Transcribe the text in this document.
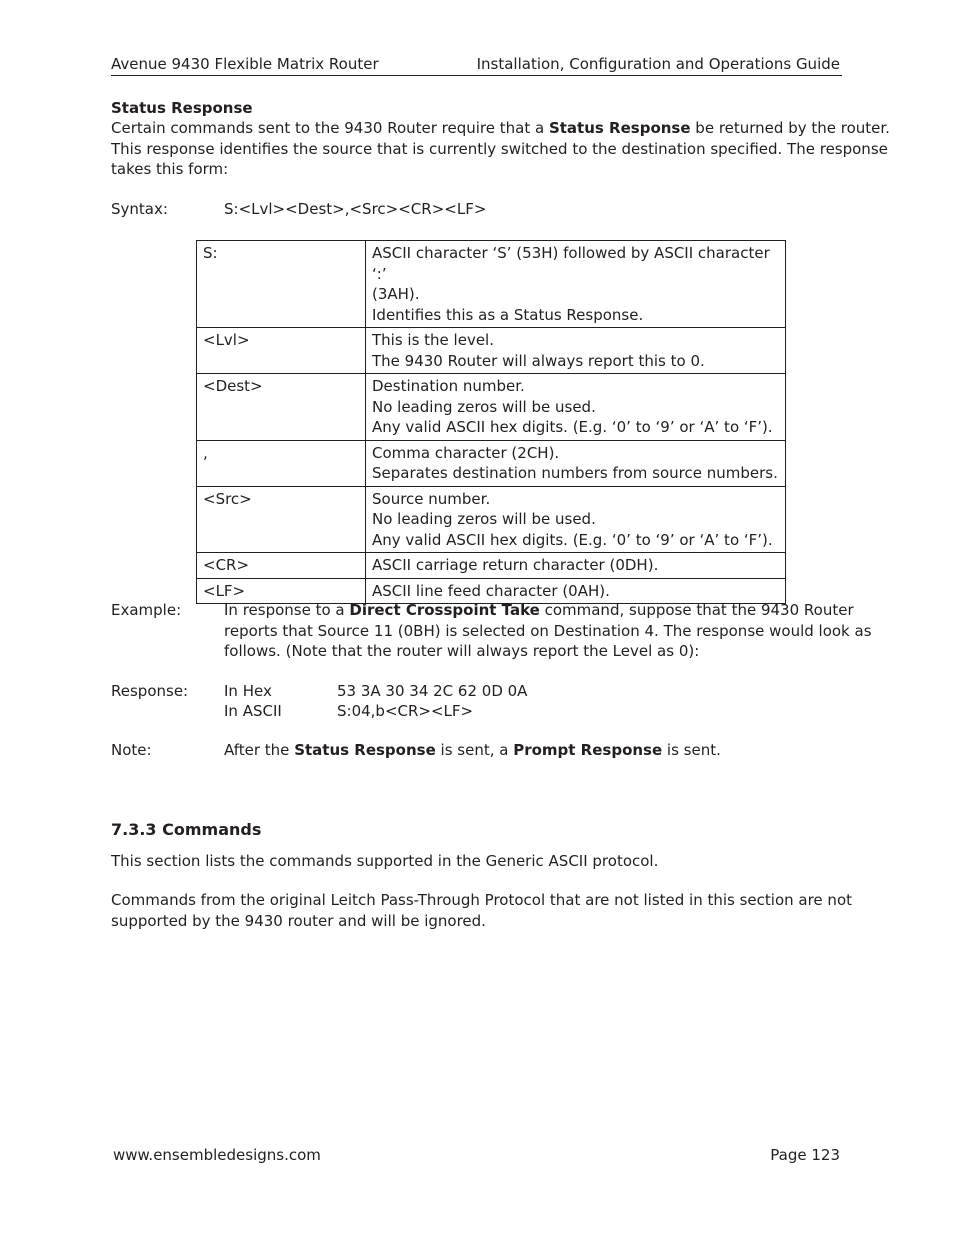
Avenue 9430 Flexible Matrix Router	Installation, Configuration and Operations Guide
Status Response
Certain commands sent to the 9430 Router require that a Status Response be returned by the router.
This response identifies the source that is currently switched to the destination specified. The response
takes this form:
Syntax:	S:<Lvl><Dest>,<Src><CR><LF>
S:	ASCII character ‘S’ (53H) followed by ASCII character ‘:’
(3AH).
Identifies this as a Status Response.

<Lvl>	This is the level.
The 9430 Router will always report this to 0.

<Dest>	Destination number.
No leading zeros will be used.
Any valid ASCII hex digits. (E.g. ‘0’ to ‘9’ or ‘A’ to ‘F’).

,	Comma character (2CH).
Separates destination numbers from source numbers.

<Src>	Source number.
No leading zeros will be used.
Any valid ASCII hex digits. (E.g. ‘0’ to ‘9’ or ‘A’ to ‘F’).

<CR>	ASCII carriage return character (0DH).

<LF>	ASCII line feed character (0AH).
Example:	In response to a Direct Crosspoint Take command, suppose that the 9430 Router
reports that Source 11 (0BH) is selected on Destination 4. The response would look as
follows. (Note that the router will always report the Level as 0):
Response: In Hex	53 3A 30 34 2C 62 0D 0A
In ASCII	S:04,b<CR><LF>
Note:	After the Status Response is sent, a Prompt Response is sent.
7.3.3 Commands
This section lists the commands supported in the Generic ASCII protocol.
Commands from the original Leitch Pass-Through Protocol that are not listed in this section are not
supported by the 9430 router and will be ignored.
www.ensembledesigns.com	Page 123
